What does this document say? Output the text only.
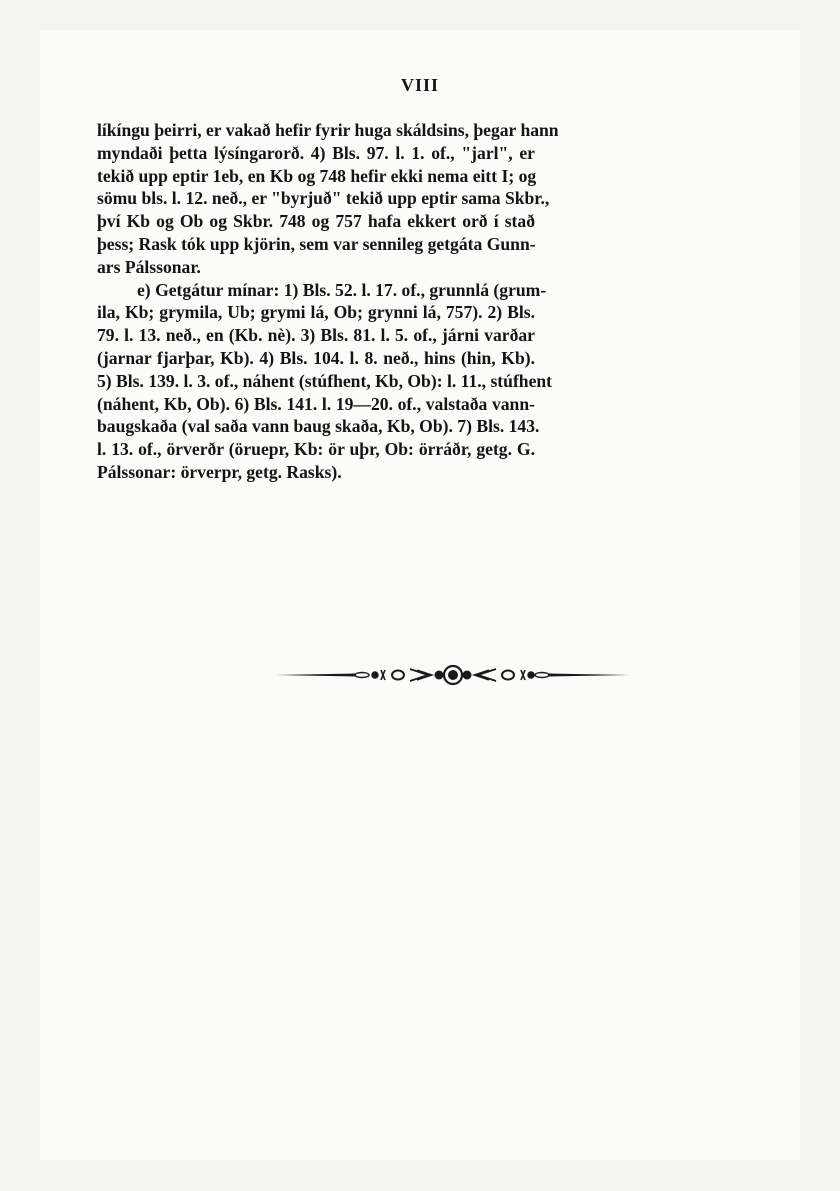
VIII
líkíngu þeirri, er vakað hefir fyrir huga skáldsins, þegar hann
myndaði þetta lýsíngarorð. 4) Bls. 97. l. 1. of., "jarl", er
tekið upp eptir 1eb, en Kb og 748 hefir ekki nema eitt I; og
sömu bls. l. 12. neð., er "byrjuð" tekið upp eptir sama Skbr.,
því Kb og Ob og Skbr. 748 og 757 hafa ekkert orð í stað
þess; Rask tók upp kjörin, sem var sennileg getgáta Gunn-
ars Pálssonar.
e) Getgátur mínar: 1) Bls. 52. l. 17. of., grunnlá (grum-
ila, Kb; grymila, Ub; grymi lá, Ob; grynni lá, 757). 2) Bls.
79. l. 13. neð., en (Kb. nè). 3) Bls. 81. l. 5. of., járni varðar
(jarnar fjarþar, Kb). 4) Bls. 104. l. 8. neð., hins (hin, Kb).
5) Bls. 139. l. 3. of., náhent (stúfhent, Kb, Ob): l. 11., stúfhent
(náhent, Kb, Ob). 6) Bls. 141. l. 19—20. of., valstaða vann-
baugskaða (val saða vann baug skaða, Kb, Ob). 7) Bls. 143.
l. 13. of., örverðr (öruepr, Kb: ör uþr, Ob: örráðr, getg. G.
Pálssonar: örverpr, getg. Rasks).
